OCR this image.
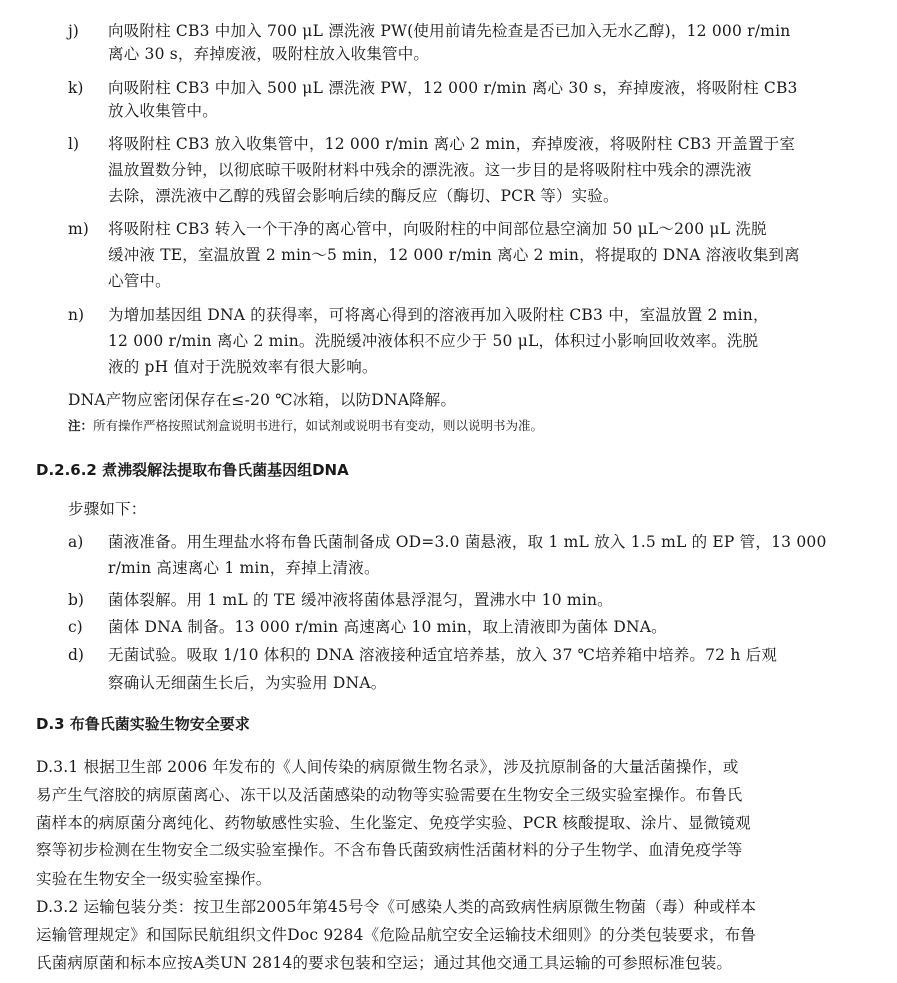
j) 向吸附柱 CB3 中加入 700 μL 漂洗液 PW(使用前请先检查是否已加入无水乙醇)，12 000 r/min
离心 30 s，弃掉废液，吸附柱放入收集管中。
k) 向吸附柱 CB3 中加入 500 μL 漂洗液 PW，12 000 r/min 离心 30 s，弃掉废液，将吸附柱 CB3
放入收集管中。
l) 将吸附柱 CB3 放入收集管中，12 000 r/min 离心 2 min，弃掉废液，将吸附柱 CB3 开盖置于室
温放置数分钟，以彻底晾干吸附材料中残余的漂洗液。这一步目的是将吸附柱中残余的漂洗液
去除，漂洗液中乙醇的残留会影响后续的酶反应（酶切、PCR 等）实验。
m) 将吸附柱 CB3 转入一个干净的离心管中，向吸附柱的中间部位悬空滴加 50 μL～200 μL 洗脱
缓冲液 TE，室温放置 2 min～5 min，12 000 r/min 离心 2 min，将提取的 DNA 溶液收集到离
心管中。
n) 为增加基因组 DNA 的获得率，可将离心得到的溶液再加入吸附柱 CB3 中，室温放置 2 min，
12 000 r/min 离心 2 min。洗脱缓冲液体积不应少于 50 μL，体积过小影响回收效率。洗脱
液的 pH 值对于洗脱效率有很大影响。
DNA产物应密闭保存在≤-20 ℃冰箱，以防DNA降解。
注：所有操作严格按照试剂盒说明书进行，如试剂或说明书有变动，则以说明书为准。
D.2.6.2 煮沸裂解法提取布鲁氏菌基因组DNA
步骤如下：
a) 菌液准备。用生理盐水将布鲁氏菌制备成 OD=3.0 菌悬液，取 1 mL 放入 1.5 mL 的 EP 管，13 000
r/min 高速离心 1 min，弃掉上清液。
b) 菌体裂解。用 1 mL 的 TE 缓冲液将菌体悬浮混匀，置沸水中 10 min。
c) 菌体 DNA 制备。13 000 r/min 高速离心 10 min，取上清液即为菌体 DNA。
d) 无菌试验。吸取 1/10 体积的 DNA 溶液接种适宜培养基，放入 37 ℃培养箱中培养。72 h 后观
察确认无细菌生长后，为实验用 DNA。
D.3 布鲁氏菌实验生物安全要求
D.3.1 根据卫生部 2006 年发布的《人间传染的病原微生物名录》，涉及抗原制备的大量活菌操作，或
易产生气溶胶的病原菌离心、冻干以及活菌感染的动物等实验需要在生物安全三级实验室操作。布鲁氏
菌样本的病原菌分离纯化、药物敏感性实验、生化鉴定、免疫学实验、PCR 核酸提取、涂片、显微镜观
察等初步检测在生物安全二级实验室操作。不含布鲁氏菌致病性活菌材料的分子生物学、血清免疫学等
实验在生物安全一级实验室操作。
D.3.2 运输包装分类：按卫生部2005年第45号令《可感染人类的高致病性病原微生物菌（毒）种或样本
运输管理规定》和国际民航组织文件Doc 9284《危险品航空安全运输技术细则》的分类包装要求，布鲁
氏菌病原菌和标本应按A类UN 2814的要求包装和空运；通过其他交通工具运输的可参照标准包装。
